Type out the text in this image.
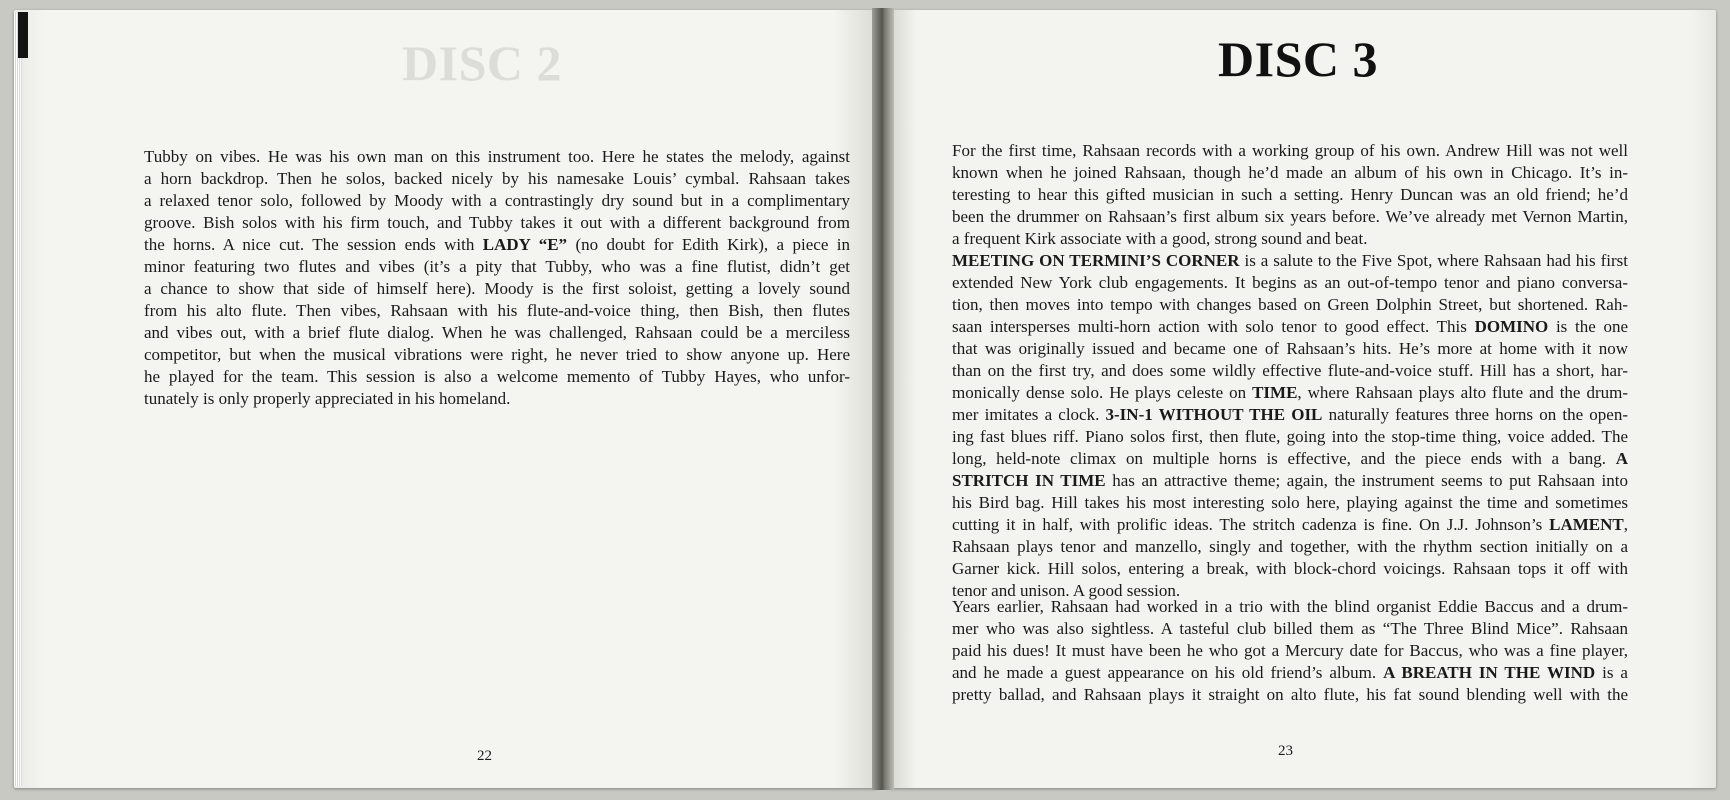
DISC 2	DISC 3
Tubby on vibes. He was his own man on this instrument too. Here he states the melody, against
a horn backdrop. Then he solos, backed nicely by his namesake Louis’ cymbal. Rahsaan takes
a relaxed tenor solo, followed by Moody with a contrastingly dry sound but in a complimentary
groove. Bish solos with his firm touch, and Tubby takes it out with a different background from
the horns. A nice cut. The session ends with LADY “E” (no doubt for Edith Kirk), a piece in
minor featuring two flutes and vibes (it’s a pity that Tubby, who was a fine flutist, didn’t get
a chance to show that side of himself here). Moody is the first soloist, getting a lovely sound
from his alto flute. Then vibes, Rahsaan with his flute-and-voice thing, then Bish, then flutes
and vibes out, with a brief flute dialog. When he was challenged, Rahsaan could be a merciless
competitor, but when the musical vibrations were right, he never tried to show anyone up. Here
he played for the team. This session is also a welcome memento of Tubby Hayes, who unfor-
tunately is only properly appreciated in his homeland.
For the first time, Rahsaan records with a working group of his own. Andrew Hill was not well
known when he joined Rahsaan, though he’d made an album of his own in Chicago. It’s in-
teresting to hear this gifted musician in such a setting. Henry Duncan was an old friend; he’d
been the drummer on Rahsaan’s first album six years before. We’ve already met Vernon Martin,
a frequent Kirk associate with a good, strong sound and beat.
MEETING ON TERMINI’S CORNER is a salute to the Five Spot, where Rahsaan had his first
extended New York club engagements. It begins as an out-of-tempo tenor and piano conversa-
tion, then moves into tempo with changes based on Green Dolphin Street, but shortened. Rah-
saan intersperses multi-horn action with solo tenor to good effect. This DOMINO is the one
that was originally issued and became one of Rahsaan’s hits. He’s more at home with it now
than on the first try, and does some wildly effective flute-and-voice stuff. Hill has a short, har-
monically dense solo. He plays celeste on TIME, where Rahsaan plays alto flute and the drum-
mer imitates a clock. 3-IN-1 WITHOUT THE OIL naturally features three horns on the open-
ing fast blues riff. Piano solos first, then flute, going into the stop-time thing, voice added. The
long, held-note climax on multiple horns is effective, and the piece ends with a bang. A
STRITCH IN TIME has an attractive theme; again, the instrument seems to put Rahsaan into
his Bird bag. Hill takes his most interesting solo here, playing against the time and sometimes
cutting it in half, with prolific ideas. The stritch cadenza is fine. On J.J. Johnson’s LAMENT,
Rahsaan plays tenor and manzello, singly and together, with the rhythm section initially on a
Garner kick. Hill solos, entering a break, with block-chord voicings. Rahsaan tops it off with
tenor and unison. A good session.
Years earlier, Rahsaan had worked in a trio with the blind organist Eddie Baccus and a drum-
mer who was also sightless. A tasteful club billed them as “The Three Blind Mice”. Rahsaan
paid his dues! It must have been he who got a Mercury date for Baccus, who was a fine player,
and he made a guest appearance on his old friend’s album. A BREATH IN THE WIND is a
pretty ballad, and Rahsaan plays it straight on alto flute, his fat sound blending well with the
22	23
